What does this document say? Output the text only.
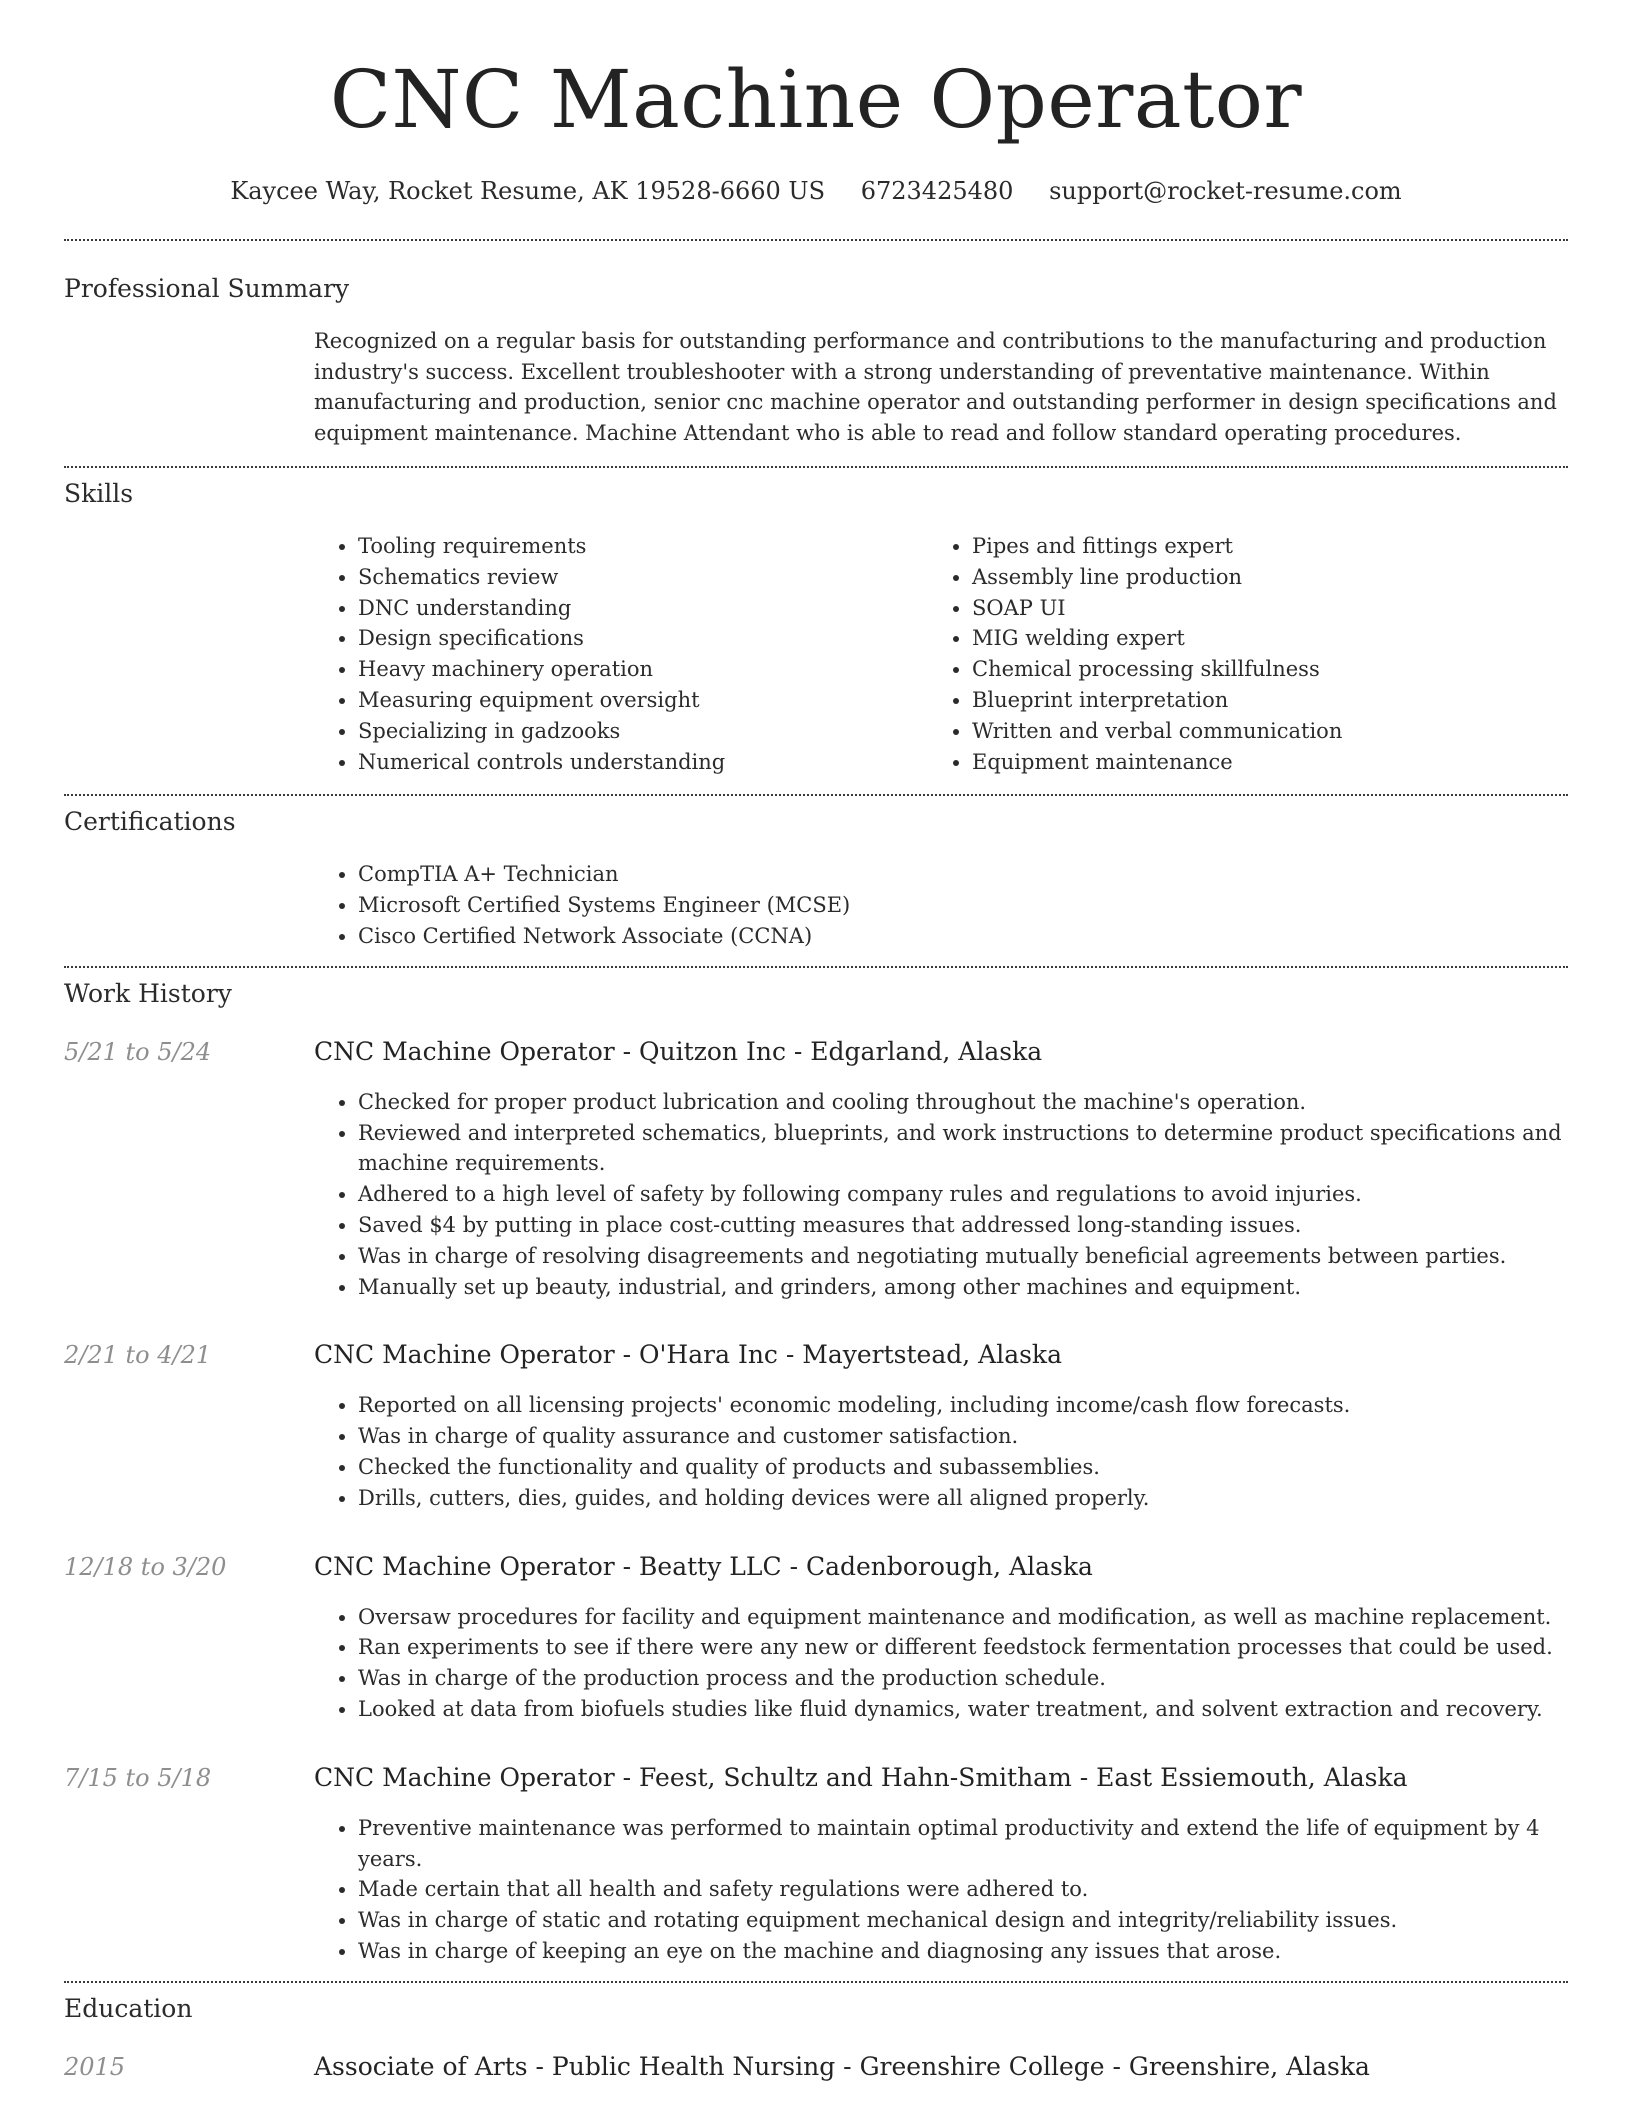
CNC Machine Operator
Kaycee Way, Rocket Resume, AK 19528-6660 US 6723425480 support@rocket-resume.com
Professional Summary

Recognized on a regular basis for outstanding performance and contributions to the manufacturing and production industry's success. Excellent troubleshooter with a strong understanding of preventative maintenance. Within manufacturing and production, senior cnc machine operator and outstanding performer in design specifications and equipment maintenance. Machine Attendant who is able to read and follow standard operating procedures.

Skills
• Tooling requirements
• Schematics review
• DNC understanding
• Design specifications
• Heavy machinery operation
• Measuring equipment oversight
• Specializing in gadzooks
• Numerical controls understanding
• Pipes and fittings expert
• Assembly line production
• SOAP UI
• MIG welding expert
• Chemical processing skillfulness
• Blueprint interpretation
• Written and verbal communication
• Equipment maintenance
Certifications
• CompTIA A+ Technician
• Microsoft Certified Systems Engineer (MCSE)
• Cisco Certified Network Associate (CCNA)
Work History
5/21 to 5/24	CNC Machine Operator - Quitzon Inc - Edgarland, Alaska
• Checked for proper product lubrication and cooling throughout the machine's operation.
• Reviewed and interpreted schematics, blueprints, and work instructions to determine product specifications and machine requirements.
• Adhered to a high level of safety by following company rules and regulations to avoid injuries.
• Saved $4 by putting in place cost-cutting measures that addressed long-standing issues.
• Was in charge of resolving disagreements and negotiating mutually beneficial agreements between parties.
• Manually set up beauty, industrial, and grinders, among other machines and equipment.
2/21 to 4/21	CNC Machine Operator - O'Hara Inc - Mayertstead, Alaska
• Reported on all licensing projects' economic modeling, including income/cash flow forecasts.
• Was in charge of quality assurance and customer satisfaction.
• Checked the functionality and quality of products and subassemblies.
• Drills, cutters, dies, guides, and holding devices were all aligned properly.
12/18 to 3/20	CNC Machine Operator - Beatty LLC - Cadenborough, Alaska
• Oversaw procedures for facility and equipment maintenance and modification, as well as machine replacement.
• Ran experiments to see if there were any new or different feedstock fermentation processes that could be used.
• Was in charge of the production process and the production schedule.
• Looked at data from biofuels studies like fluid dynamics, water treatment, and solvent extraction and recovery.
7/15 to 5/18	CNC Machine Operator - Feest, Schultz and Hahn-Smitham - East Essiemouth, Alaska
• Preventive maintenance was performed to maintain optimal productivity and extend the life of equipment by 4 years.
• Made certain that all health and safety regulations were adhered to.
• Was in charge of static and rotating equipment mechanical design and integrity/reliability issues.
• Was in charge of keeping an eye on the machine and diagnosing any issues that arose.
Education
2015	Associate of Arts - Public Health Nursing - Greenshire College - Greenshire, Alaska
